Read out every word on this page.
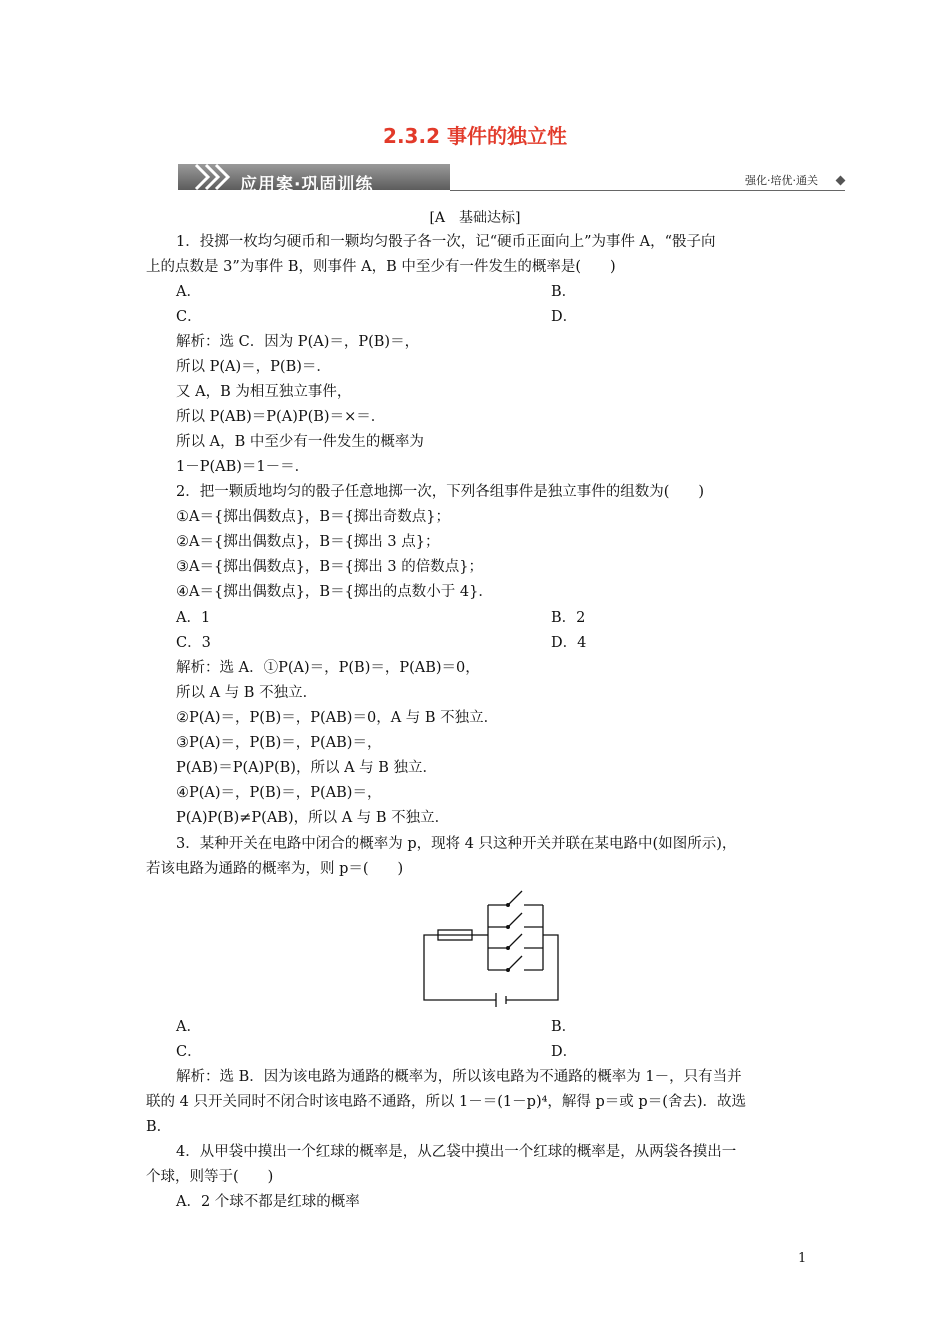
2.3.2 事件的独立性
应用案·巩固训练	强化·培优·通关
[A　基础达标]
1．投掷一枚均匀硬币和一颗均匀骰子各一次，记“硬币正面向上”为事件 A，“骰子向
上的点数是 3”为事件 B，则事件 A，B 中至少有一件发生的概率是(　　)
A．	B．
C．	D．
解析：选 C．因为 P(A)＝，P(B)＝，
所以 P(A)＝，P(B)＝．
又 A，B 为相互独立事件，
所以 P(AB)＝P(A)P(B)＝×＝．
所以 A，B 中至少有一件发生的概率为
1－P(AB)＝1－＝．
2．把一颗质地均匀的骰子任意地掷一次，下列各组事件是独立事件的组数为(　　)
①A＝{掷出偶数点}，B＝{掷出奇数点}；
②A＝{掷出偶数点}，B＝{掷出 3 点}；
③A＝{掷出偶数点}，B＝{掷出 3 的倍数点}；
④A＝{掷出偶数点}，B＝{掷出的点数小于 4}．
A．1	B．2
C．3	D．4
解析：选 A．①P(A)＝，P(B)＝，P(AB)＝0，
所以 A 与 B 不独立．
②P(A)＝，P(B)＝，P(AB)＝0，A 与 B 不独立．
③P(A)＝，P(B)＝，P(AB)＝，
P(AB)＝P(A)P(B)，所以 A 与 B 独立．
④P(A)＝，P(B)＝，P(AB)＝，
P(A)P(B)≠P(AB)，所以 A 与 B 不独立．
3．某种开关在电路中闭合的概率为 p，现将 4 只这种开关并联在某电路中(如图所示)，
若该电路为通路的概率为，则 p＝(　　)
A．	B．
C．	D．
解析：选 B．因为该电路为通路的概率为，所以该电路为不通路的概率为 1－，只有当并
联的 4 只开关同时不闭合时该电路不通路，所以 1－＝(1－p)⁴，解得 p＝或 p＝(舍去)．故选
B．
4．从甲袋中摸出一个红球的概率是，从乙袋中摸出一个红球的概率是，从两袋各摸出一
个球，则等于(　　)
A．2 个球不都是红球的概率
1
